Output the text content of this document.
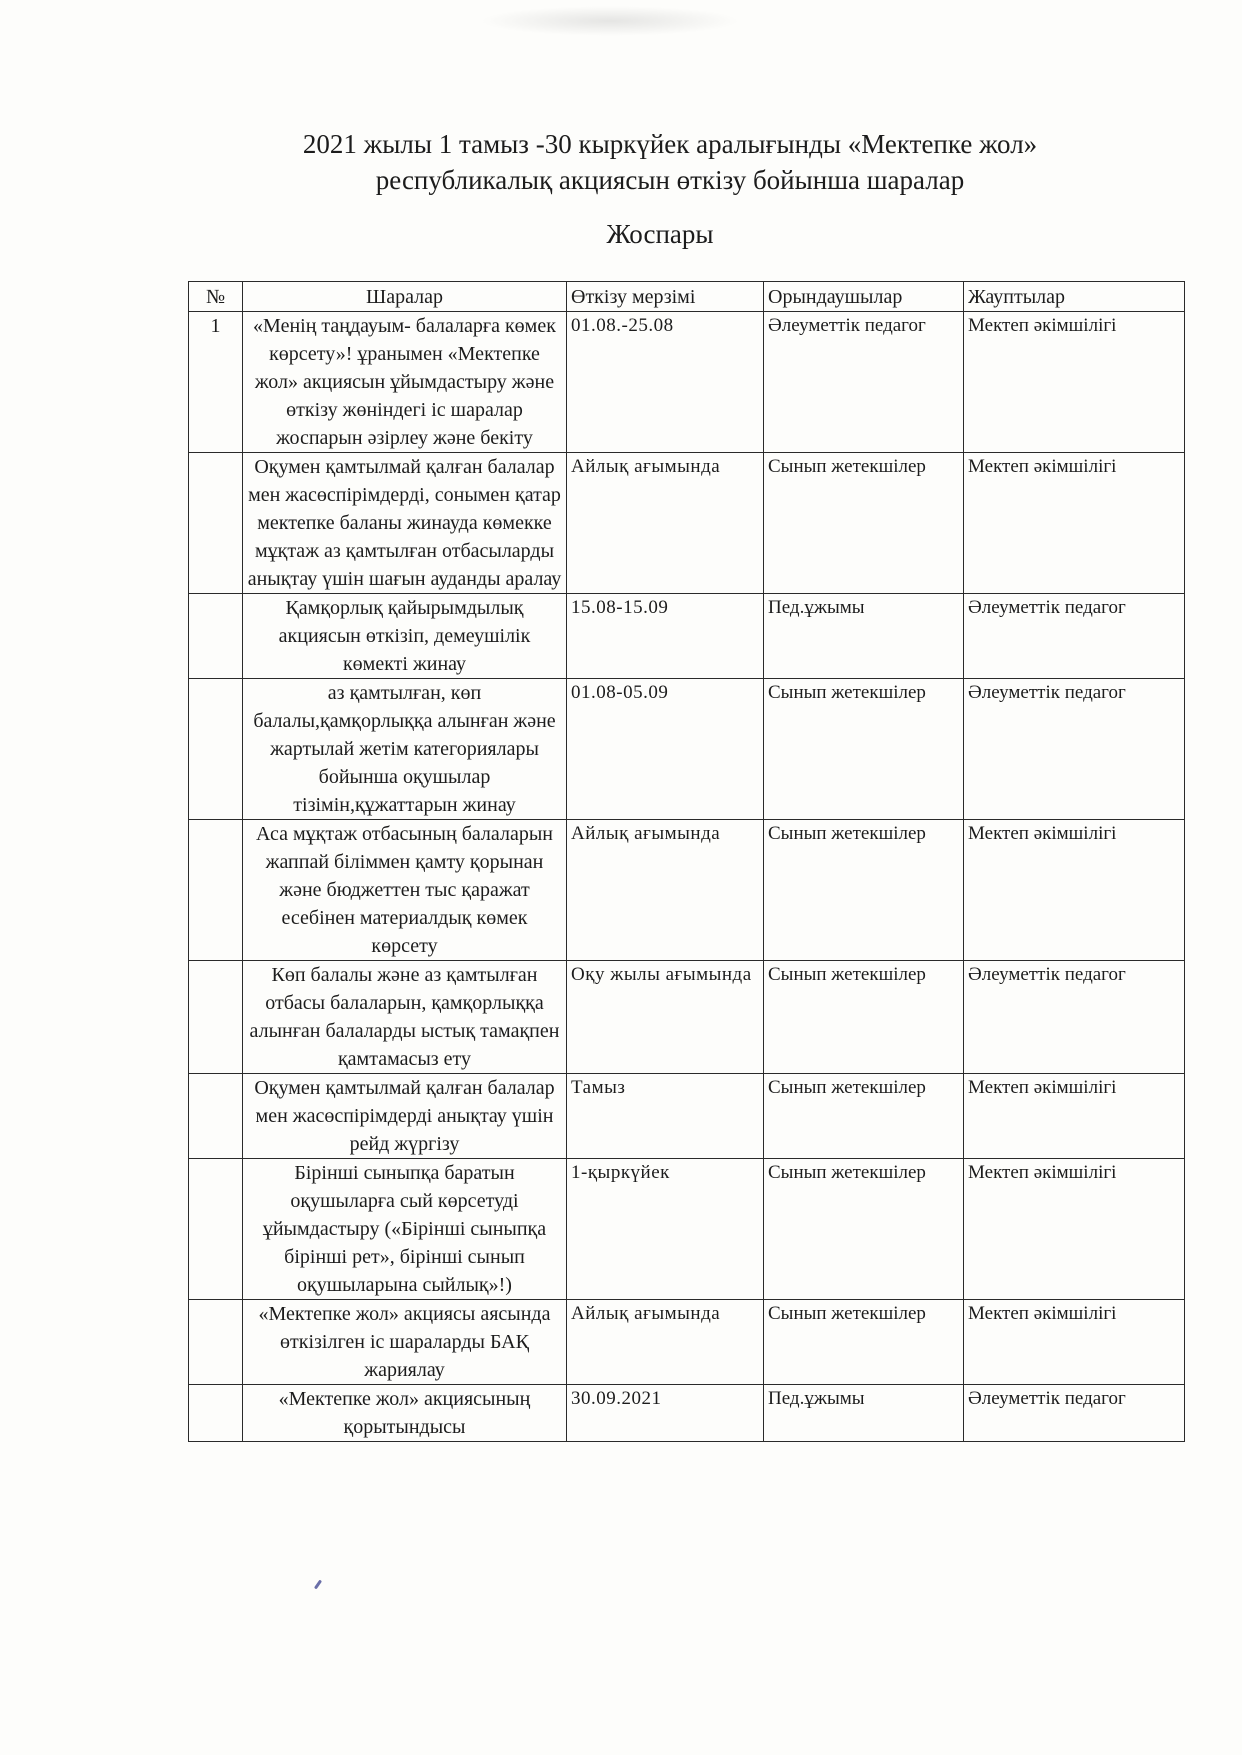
2021 жылы 1 тамыз -30 кыркүйек аралығынды «Мектепке жол»
республикалық акциясын өткізу бойынша шаралар
Жоспары
№	Шаралар	Өткізу мерзімі	Орындаушылар	Жауптылар
1	«Менің таңдауым- балаларға көмек көрсету»! ұранымен «Мектепке жол» акциясын ұйымдастыру және өткізу жөніндегі іс шаралар жоспарын әзірлеу және бекіту	01.08.-25.08	Әлеуметтік педагог	Мектеп әкімшілігі
	Оқумен қамтылмай қалған балалар мен жасөспірімдерді, сонымен қатар мектепке баланы жинауда көмекке мұқтаж аз қамтылған отбасыларды анықтау үшін шағын ауданды аралау	Айлық ағымында	Сынып жетекшілер	Мектеп әкімшілігі
	Қамқорлық қайырымдылық акциясын өткізіп, демеушілік көмекті жинау	15.08-15.09	Пед.ұжымы	Әлеуметтік педагог
	аз қамтылған, көп балалы,қамқорлыққа алынған және жартылай жетім категориялары бойынша оқушылар тізімін,құжаттарын жинау	01.08-05.09	Сынып жетекшілер	Әлеуметтік педагог
	Аса мұқтаж отбасының балаларын жаппай біліммен қамту қорынан және бюджеттен тыс қаражат есебінен материалдық көмек көрсету	Айлық ағымында	Сынып жетекшілер	Мектеп әкімшілігі
	Көп балалы және аз қамтылған отбасы балаларын, қамқорлыққа алынған балаларды ыстық тамақпен қамтамасыз ету	Оқу жылы ағымында	Сынып жетекшілер	Әлеуметтік педагог
	Оқумен қамтылмай қалған балалар мен жасөспірімдерді анықтау үшін рейд жүргізу	Тамыз	Сынып жетекшілер	Мектеп әкімшілігі
	Бірінші сыныпқа баратын оқушыларға сый көрсетуді ұйымдастыру («Бірінші сыныпқа бірінші рет», бірінші сынып оқушыларына сыйлық»!)	1-қыркүйек	Сынып жетекшілер	Мектеп әкімшілігі
	«Мектепке жол» акциясы аясында өткізілген іс шараларды БАҚ жариялау	Айлық ағымында	Сынып жетекшілер	Мектеп әкімшілігі
	«Мектепке жол» акциясының қорытындысы	30.09.2021	Пед.ұжымы	Әлеуметтік педагог
